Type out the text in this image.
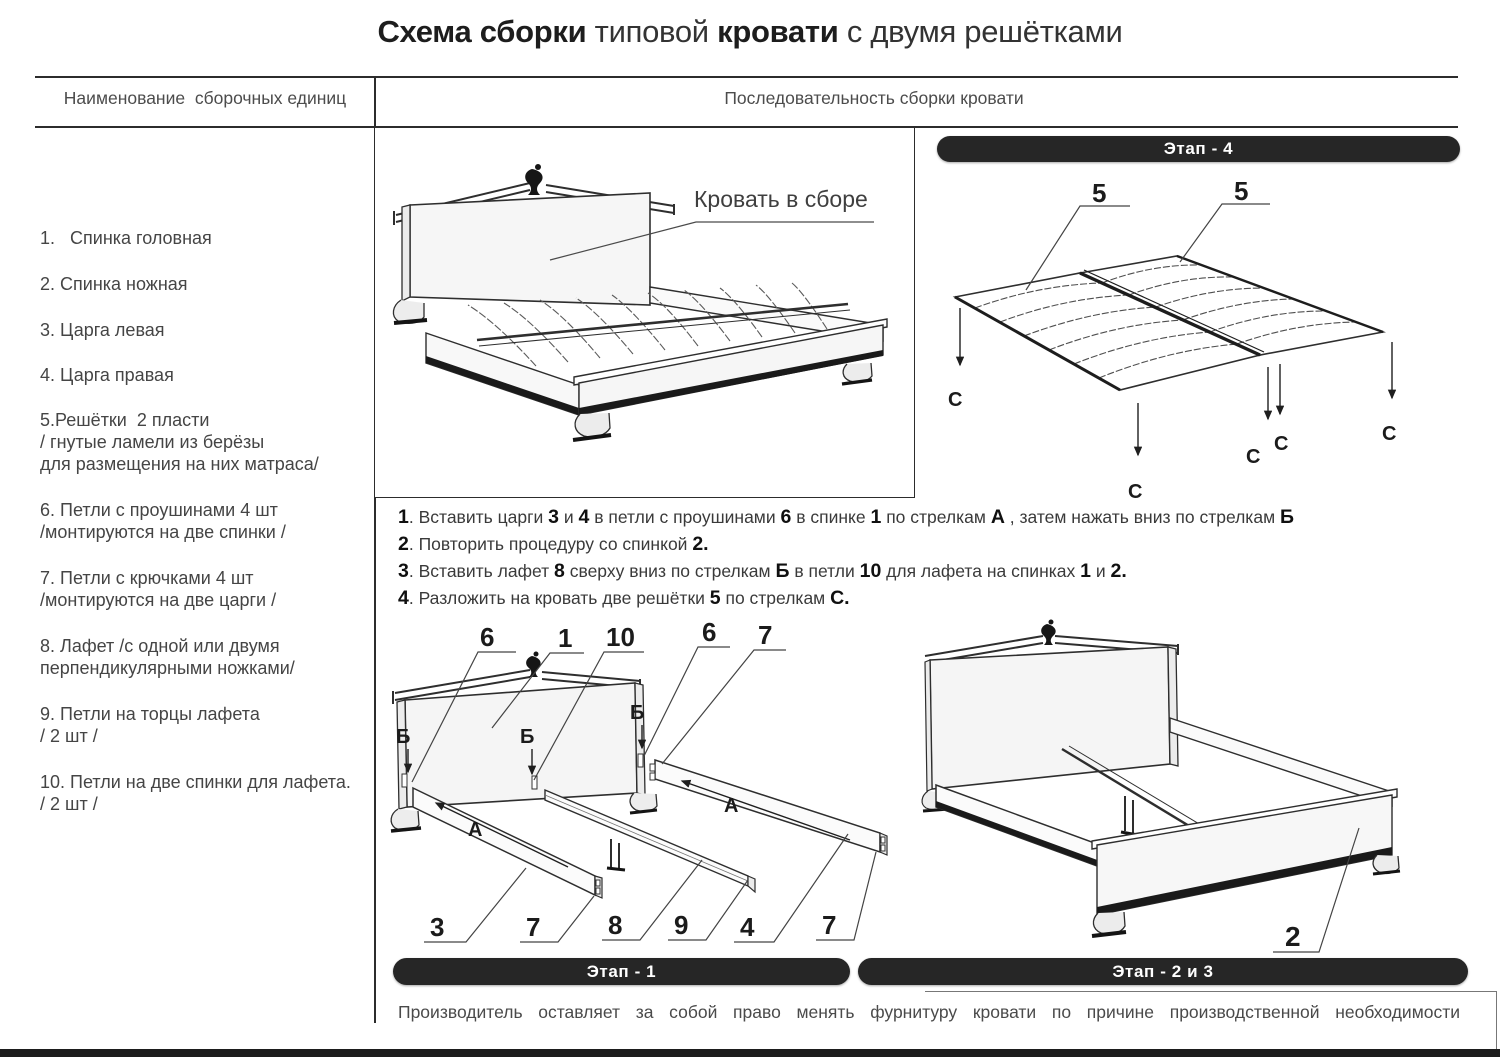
Схема сборки типовой кровати с двумя решётками
Наименование  сборочных единиц	Последовательность сборки кровати

1.   Спинка головная

2. Спинка ножная

3. Царга левая

4. Царга правая

5.Решётки  2 пласти
/ гнутые ламели из берёзы
для размещения на них матраса/

6. Петли с проушинами 4 шт
/монтируются на две спинки /

7. Петли с крючками 4 шт
/монтируются на две царги /

8. Лафет /с одной или двумя
перпендикулярными ножками/

9. Петли на торцы лафета
/ 2 шт /

10. Петли на две спинки для лафета.
/ 2 шт /
Кровать в сборе
Этап - 4
5	5
С
С
С
С	С
1. Вставить царги 3 и 4 в петли с проушинами 6 в спинке 1 по стрелкам А , затем нажать вниз по стрелкам Б
2. Повторить процедуру со спинкой 2.
3. Вставить лафет 8 сверху вниз по стрелкам Б в петли 10 для лафета на спинках 1 и 2.
4. Разложить на кровать две решётки 5 по стрелкам С.
6 1 10	6 7
Б	Б
Б
А
А
3	7	8 9 4	7	2
Этап - 1	Этап - 2 и 3
Производитель оставляет за собой право менять фурнитуру кровати по причине производственной необходимости
